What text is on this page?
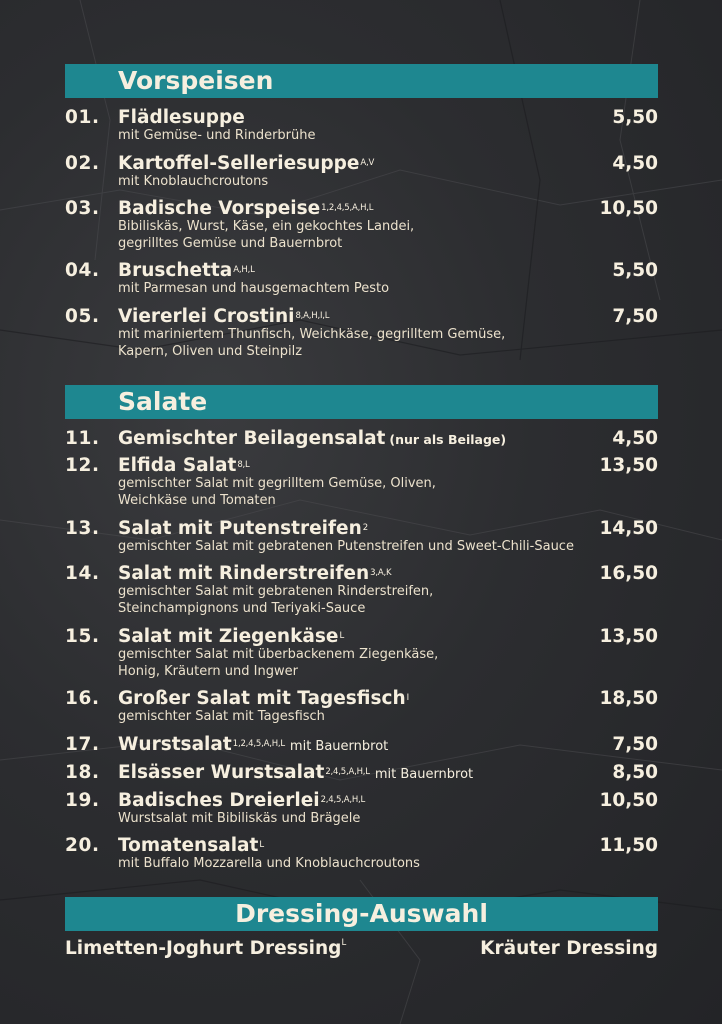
Vorspeisen
Salate
Dressing-Auswahl
01. Flädlesuppe	5,50
mit Gemüse- und Rinderbrühe
02. Kartoffel-Selleriesuppe$^{A,V}$	4,50
mit Knoblauchcroutons
03. Badische Vorspeise$^{1,2,4,5,A,H,L}$	10,50
Bibiliskäs, Wurst, Käse, ein gekochtes Landei,
gegrilltes Gemüse und Bauernbrot
04. Bruschetta$^{A,H,L}$	5,50
mit Parmesan und hausgemachtem Pesto
05. Viererlei Crostini$^{8,A,H,I,L}$	7,50
mit mariniertem Thunfisch, Weichkäse, gegrilltem Gemüse,
Kapern, Oliven und Steinpilz
11. Gemischter Beilagensalat (nur als Beilage)	4,50
12. Elfida Salat$^{8,L}$	13,50
gemischter Salat mit gegrilltem Gemüse, Oliven,
Weichkäse und Tomaten
13. Salat mit Putenstreifen$^2$	14,50
gemischter Salat mit gebratenen Putenstreifen und Sweet-Chili-Sauce
14. Salat mit Rinderstreifen$^{3,A,K}$	16,50
gemischter Salat mit gebratenen Rinderstreifen,
Steinchampignons und Teriyaki-Sauce
15. Salat mit Ziegenkäse$^L$	13,50
gemischter Salat mit überbackenem Ziegenkäse,
Honig, Kräutern und Ingwer
16. Großer Salat mit Tagesfisch$^I$	18,50
gemischter Salat mit Tagesfisch
17. Wurstsalat$^{1,2,4,5,A,H,L}$ mit Bauernbrot	7,50
18. Elsässer Wurstsalat$^{2,4,5,A,H,L}$ mit Bauernbrot	8,50
19. Badisches Dreierlei$^{2,4,5,A,H,L}$	10,50
Wurstsalat mit Bibiliskäs und Brägele
20. Tomatensalat$^L$	11,50
mit Buffalo Mozzarella und Knoblauchcroutons
Limetten-Joghurt Dressing$^L$	Kräuter Dressing
